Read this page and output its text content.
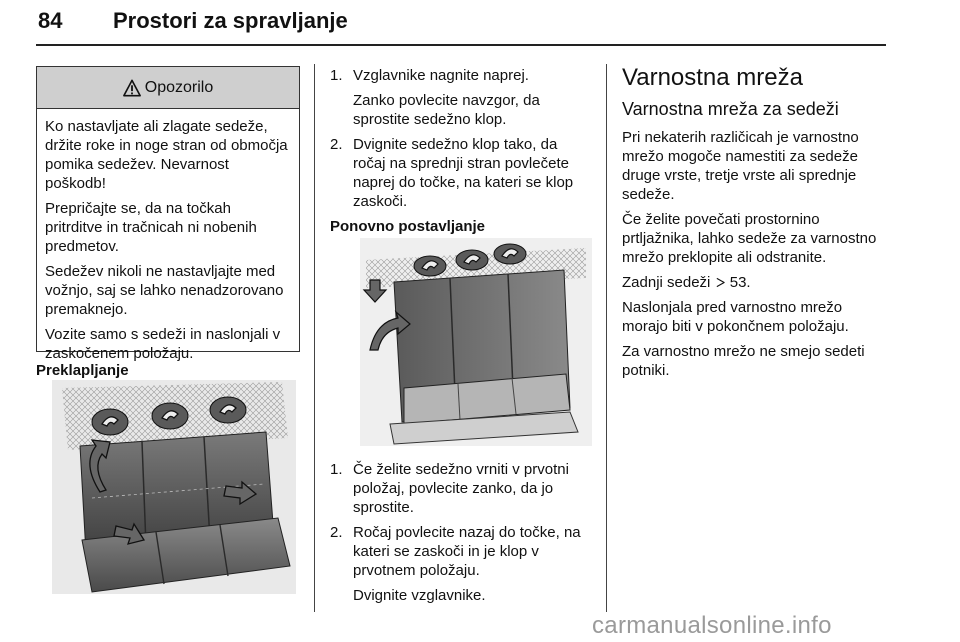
84 Prostori za spravljanje
Opozorilo

Ko nastavljate ali zlagate sedeže, držite roke in noge stran od območja pomika sedežev. Nevarnost poškodb!

Prepričajte se, da na točkah pritrditve in tračnicah ni nobenih predmetov.

Sedežev nikoli ne nastavljajte med vožnjo, saj se lahko nenadzorovano premaknejo.

Vozite samo s sedeži in naslonjali v zaskočenem položaju.

Preklapljanje
1. Vzglavnike nagnite naprej.
Zanko povlecite navzgor, da sprostite sedežno klop.
2. Dvignite sedežno klop tako, da ročaj na sprednji stran povlečete naprej do točke, na kateri se klop zaskoči.
Ponovno postavljanje
1. Če želite sedežno vrniti v prvotni položaj, povlecite zanko, da jo sprostite.
2. Ročaj povlecite nazaj do točke, na kateri se zaskoči in je klop v prvotnem položaju.
Dvignite vzglavnike.
Varnostna mreža
Varnostna mreža za sedeži

Pri nekaterih različicah je varnostno mrežo mogoče namestiti za sedeže druge vrste, tretje vrste ali sprednje sedeže.

Če želite povečati prostornino prtljažnika, lahko sedeže za varnostno mrežo preklopite ali odstranite.

Zadnji sedeži 53.

Naslonjala pred varnostno mrežo morajo biti v pokončnem položaju.

Za varnostno mrežo ne smejo sedeti potniki.

carmanualsonline.info
